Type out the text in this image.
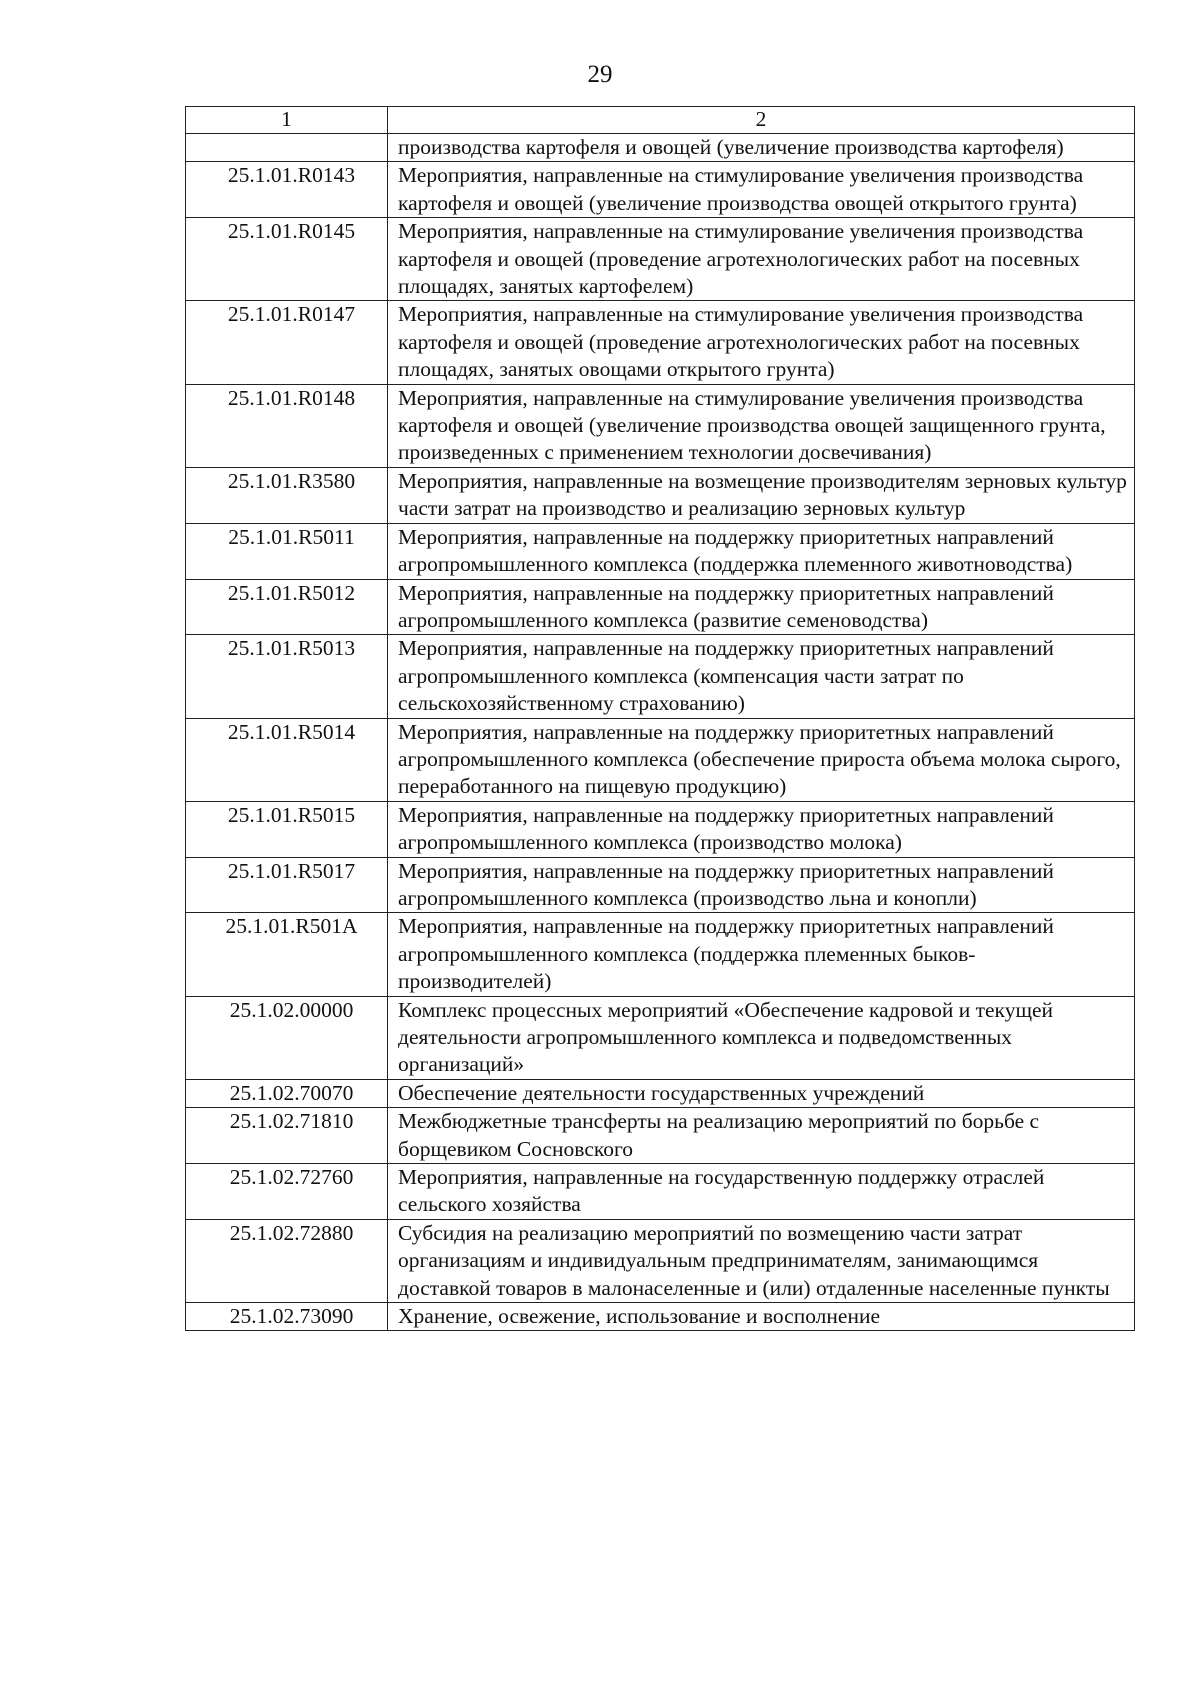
29
1	2
	производства картофеля и овощей (увеличение производства картофеля)
25.1.01.R0143	Мероприятия, направленные на стимулирование увеличения производства картофеля и овощей (увеличение производства овощей открытого грунта)
25.1.01.R0145	Мероприятия, направленные на стимулирование увеличения производства картофеля и овощей (проведение агротехнологических работ на посевных площадях, занятых картофелем)
25.1.01.R0147	Мероприятия, направленные на стимулирование увеличения производства картофеля и овощей (проведение агротехнологических работ на посевных площадях, занятых овощами открытого грунта)
25.1.01.R0148	Мероприятия, направленные на стимулирование увеличения производства картофеля и овощей (увеличение производства овощей защищенного грунта, произведенных с применением технологии досвечивания)
25.1.01.R3580	Мероприятия, направленные на возмещение производителям зерновых культур части затрат на производство и реализацию зерновых культур
25.1.01.R5011	Мероприятия, направленные на поддержку приоритетных направлений агропромышленного комплекса (поддержка племенного животноводства)
25.1.01.R5012	Мероприятия, направленные на поддержку приоритетных направлений агропромышленного комплекса (развитие семеноводства)
25.1.01.R5013	Мероприятия, направленные на поддержку приоритетных направлений агропромышленного комплекса (компенсация части затрат по сельскохозяйственному страхованию)
25.1.01.R5014	Мероприятия, направленные на поддержку приоритетных направлений агропромышленного комплекса (обеспечение прироста объема молока сырого, переработанного на пищевую продукцию)
25.1.01.R5015	Мероприятия, направленные на поддержку приоритетных направлений агропромышленного комплекса (производство молока)
25.1.01.R5017	Мероприятия, направленные на поддержку приоритетных направлений агропромышленного комплекса (производство льна и конопли)
25.1.01.R501A	Мероприятия, направленные на поддержку приоритетных направлений агропромышленного комплекса (поддержка племенных быков-производителей)
25.1.02.00000	Комплекс процессных мероприятий «Обеспечение кадровой и текущей деятельности агропромышленного комплекса и подведомственных организаций»
25.1.02.70070	Обеспечение деятельности государственных учреждений
25.1.02.71810	Межбюджетные трансферты на реализацию мероприятий по борьбе с борщевиком Сосновского
25.1.02.72760	Мероприятия, направленные на государственную поддержку отраслей сельского хозяйства
25.1.02.72880	Субсидия на реализацию мероприятий по возмещению части затрат организациям и индивидуальным предпринимателям, занимающимся доставкой товаров в малонаселенные и (или) отдаленные населенные пункты
25.1.02.73090	Хранение, освежение, использование и восполнение
